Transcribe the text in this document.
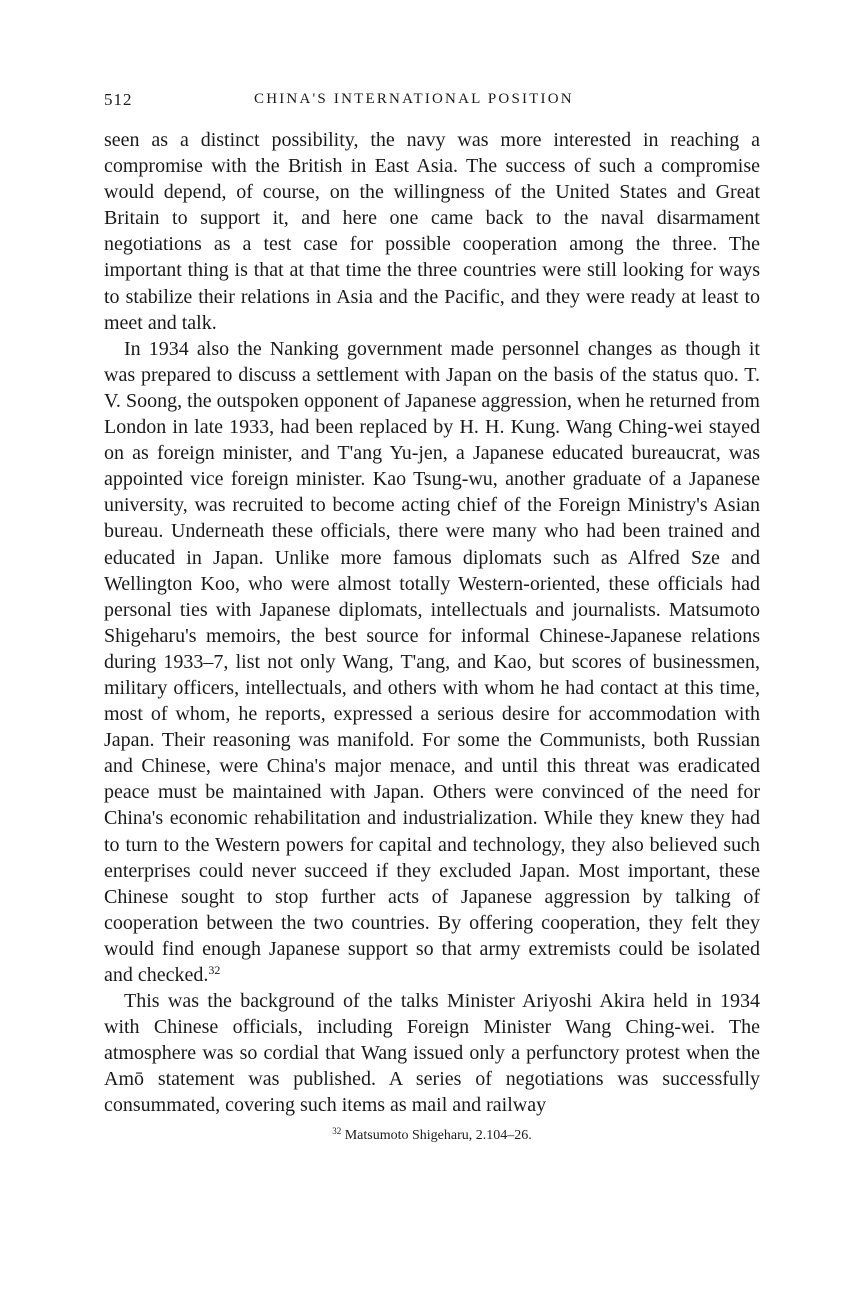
512	CHINA'S INTERNATIONAL POSITION

seen as a distinct possibility, the navy was more interested in reaching a compromise with the British in East Asia. The success of such a compromise would depend, of course, on the willingness of the United States and Great Britain to support it, and here one came back to the naval disarmament negotiations as a test case for possible cooperation among the three. The important thing is that at that time the three countries were still looking for ways to stabilize their relations in Asia and the Pacific, and they were ready at least to meet and talk.

In 1934 also the Nanking government made personnel changes as though it was prepared to discuss a settlement with Japan on the basis of the status quo. T. V. Soong, the outspoken opponent of Japanese aggression, when he returned from London in late 1933, had been replaced by H. H. Kung. Wang Ching-wei stayed on as foreign minister, and T'ang Yu-jen, a Japanese educated bureaucrat, was appointed vice foreign minister. Kao Tsung-wu, another graduate of a Japanese university, was recruited to become acting chief of the Foreign Ministry's Asian bureau. Underneath these officials, there were many who had been trained and educated in Japan. Unlike more famous diplomats such as Alfred Sze and Wellington Koo, who were almost totally Western-oriented, these officials had personal ties with Japanese diplomats, intellectuals and journalists. Matsumoto Shigeharu's memoirs, the best source for informal Chinese-Japanese relations during 1933–7, list not only Wang, T'ang, and Kao, but scores of businessmen, military officers, intellectuals, and others with whom he had contact at this time, most of whom, he reports, expressed a serious desire for accommodation with Japan. Their reasoning was manifold. For some the Communists, both Russian and Chinese, were China's major menace, and until this threat was eradicated peace must be maintained with Japan. Others were convinced of the need for China's economic rehabilitation and industrialization. While they knew they had to turn to the Western powers for capital and technology, they also believed such enterprises could never succeed if they excluded Japan. Most important, these Chinese sought to stop further acts of Japanese aggression by talking of cooperation between the two countries. By offering cooperation, they felt they would find enough Japanese support so that army extremists could be isolated and checked.$^{32}$

This was the background of the talks Minister Ariyoshi Akira held in 1934 with Chinese officials, including Foreign Minister Wang Ching-wei. The atmosphere was so cordial that Wang issued only a perfunctory protest when the Amō statement was published. A series of negotiations was successfully consummated, covering such items as mail and railway

$^{32}$ Matsumoto Shigeharu, 2.104–26.
